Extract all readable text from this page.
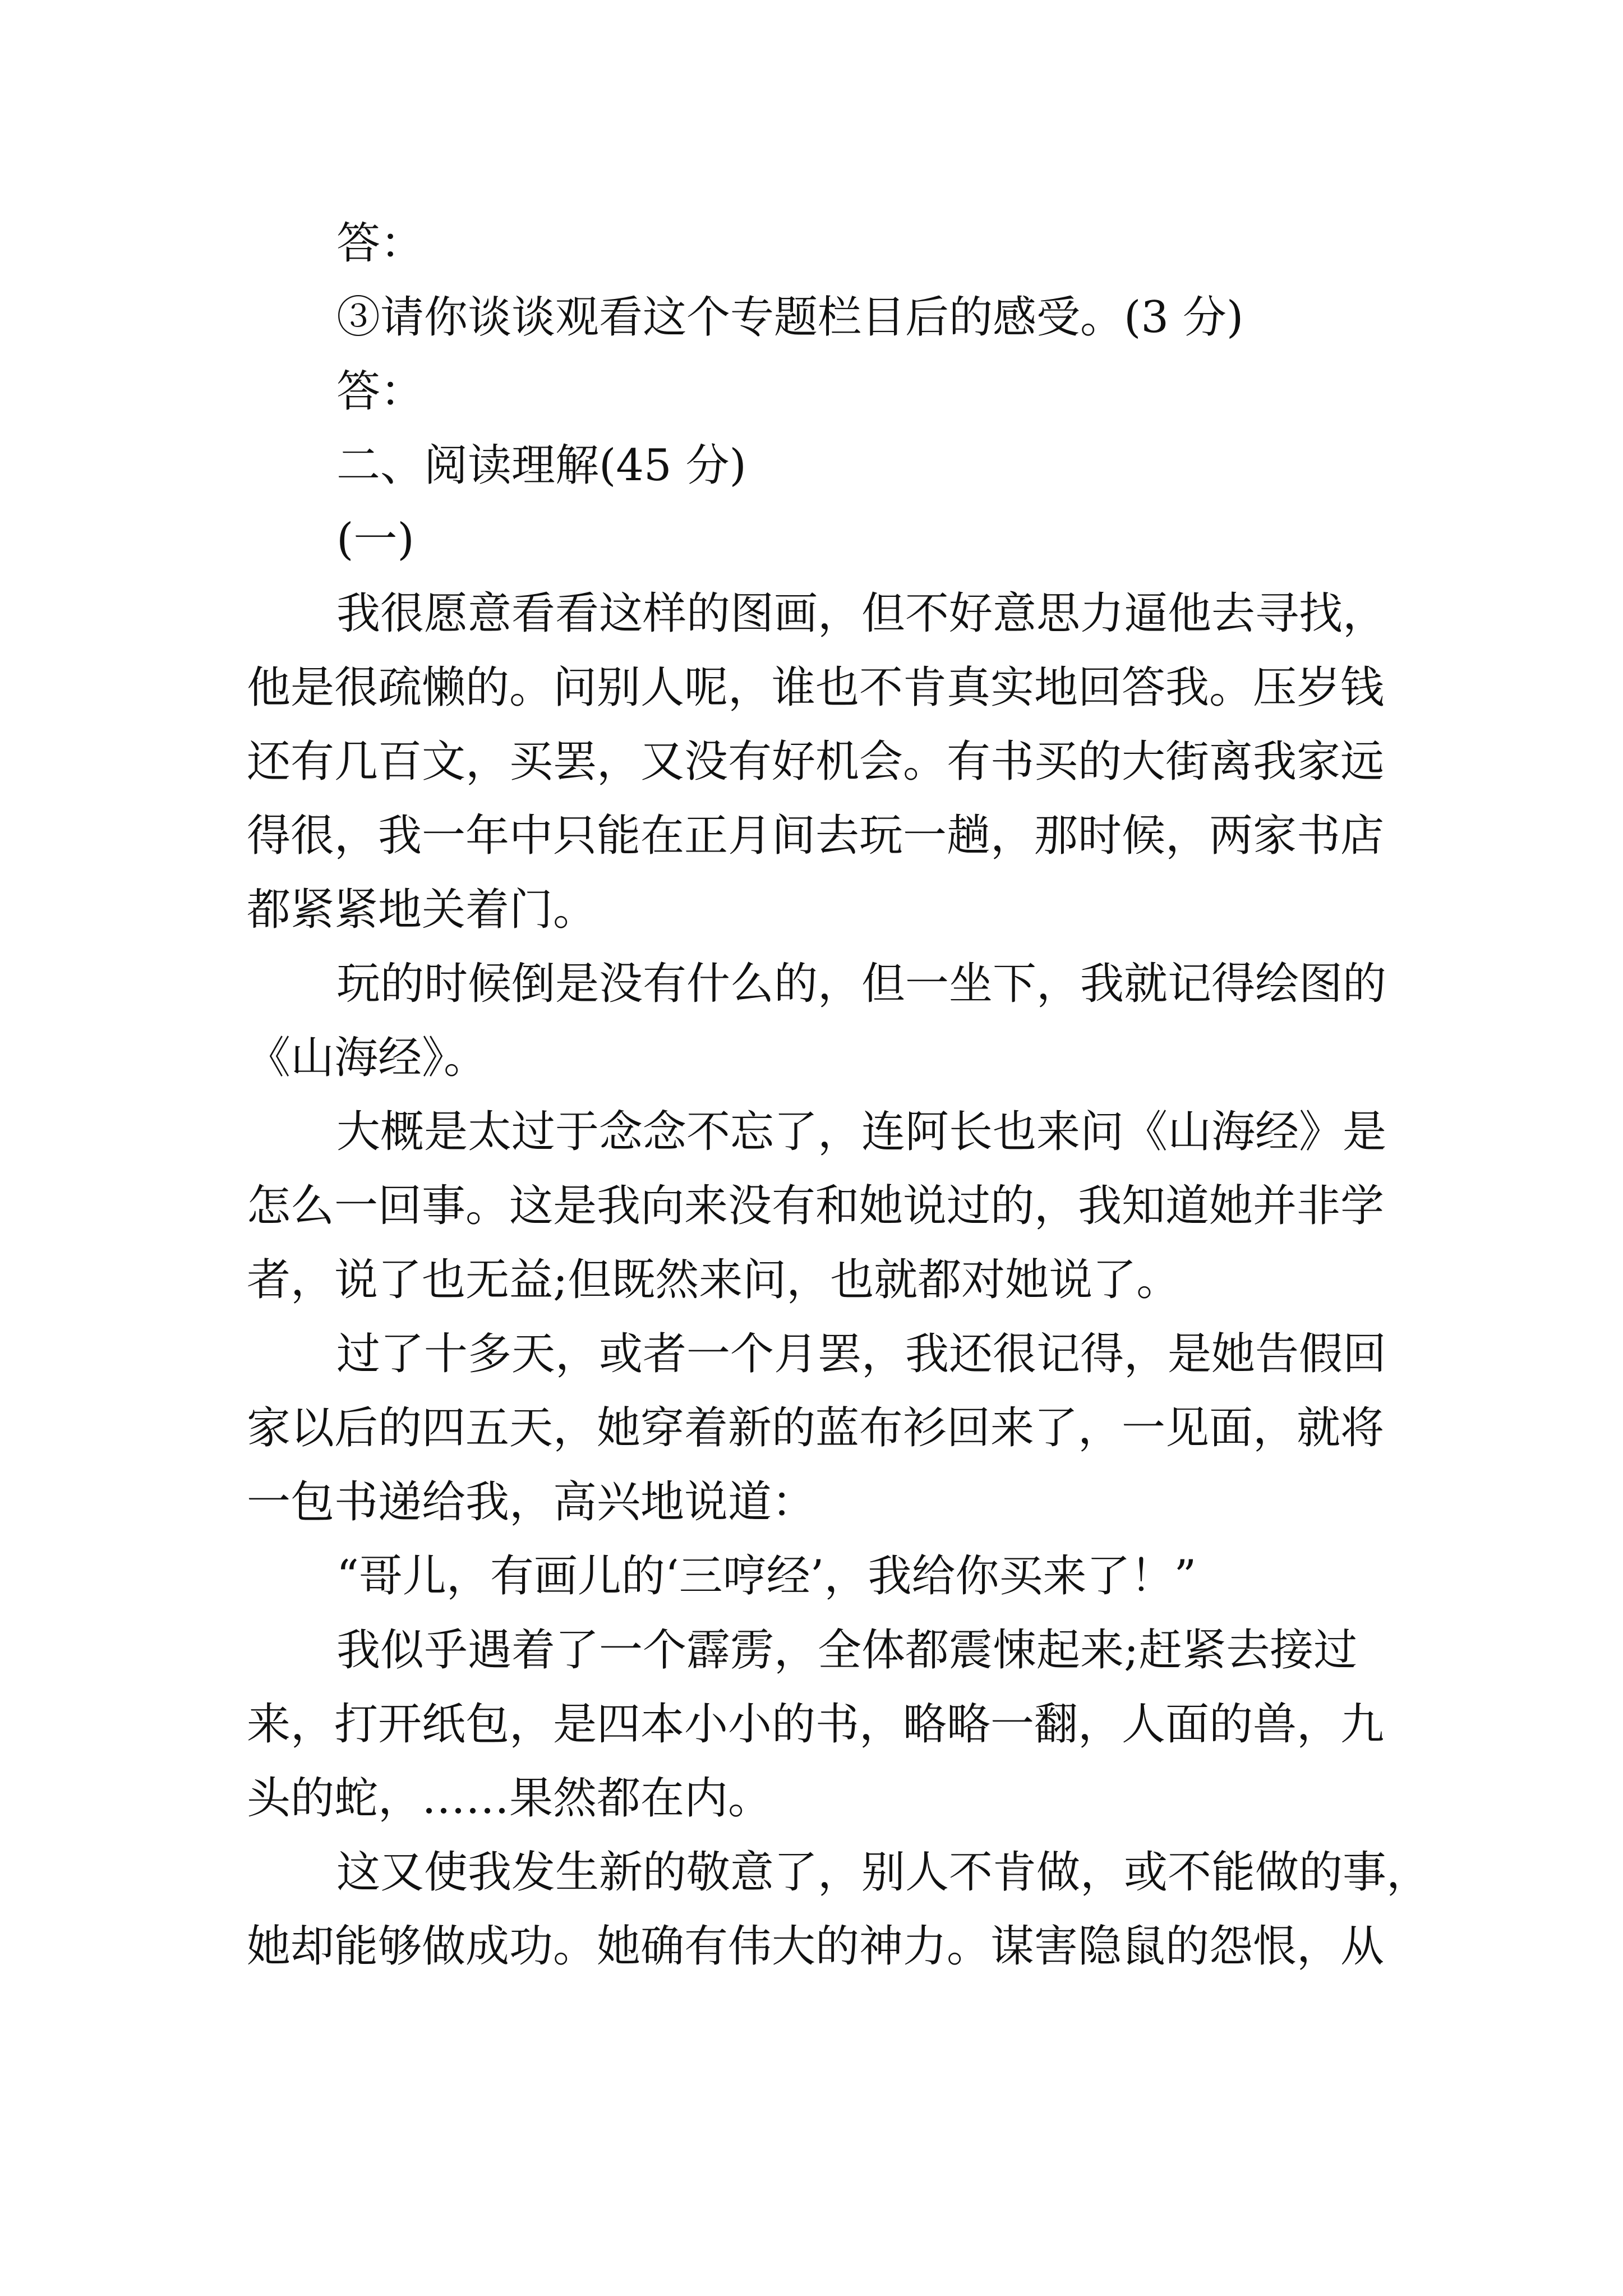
答：
③请你谈谈观看这个专题栏目后的感受。(3 分)
答：
二、阅读理解(45 分)
(一)
我很愿意看看这样的图画，但不好意思力逼他去寻找，
他是很疏懒的。问别人呢，谁也不肯真实地回答我。压岁钱
还有几百文，买罢，又没有好机会。有书买的大街离我家远
得很，我一年中只能在正月间去玩一趟，那时候，两家书店
都紧紧地关着门。
玩的时候倒是没有什么的，但一坐下，我就记得绘图的
《山海经》。
大概是太过于念念不忘了，连阿长也来问《山海经》是
怎么一回事。这是我向来没有和她说过的，我知道她并非学
者，说了也无益;但既然来问，也就都对她说了。
过了十多天，或者一个月罢，我还很记得，是她告假回
家以后的四五天，她穿着新的蓝布衫回来了，一见面，就将
一包书递给我，高兴地说道：
“哥儿，有画儿的‘三哼经’，我给你买来了！”
我似乎遇着了一个霹雳，全体都震悚起来;赶紧去接过
来，打开纸包，是四本小小的书，略略一翻，人面的兽，九
头的蛇，……果然都在内。
这又使我发生新的敬意了，别人不肯做，或不能做的事，
她却能够做成功。她确有伟大的神力。谋害隐鼠的怨恨，从
